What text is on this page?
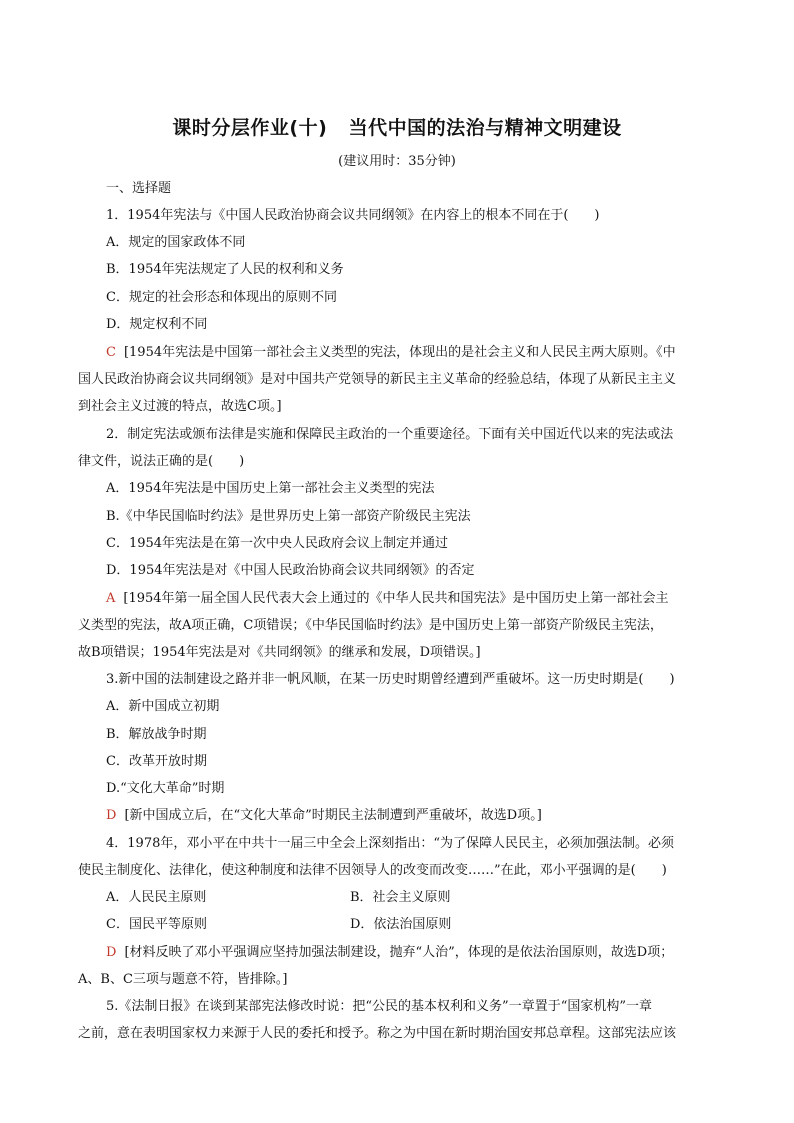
课时分层作业(十)   当代中国的法治与精神文明建设
(建议用时：35分钟)
一、选择题
1．1954年宪法与《中国人民政治协商会议共同纲领》在内容上的根本不同在于(　　)
A．规定的国家政体不同
B．1954年宪法规定了人民的权利和义务
C．规定的社会形态和体现出的原则不同
D．规定权利不同
C [1954年宪法是中国第一部社会主义类型的宪法，体现出的是社会主义和人民民主两大原则。《中
国人民政治协商会议共同纲领》是对中国共产党领导的新民主主义革命的经验总结，体现了从新民主主义
到社会主义过渡的特点，故选C项。]
2．制定宪法或颁布法律是实施和保障民主政治的一个重要途径。下面有关中国近代以来的宪法或法
律文件，说法正确的是(　　)
A．1954年宪法是中国历史上第一部社会主义类型的宪法
B.《中华民国临时约法》是世界历史上第一部资产阶级民主宪法
C．1954年宪法是在第一次中央人民政府会议上制定并通过
D．1954年宪法是对《中国人民政治协商会议共同纲领》的否定
A [1954年第一届全国人民代表大会上通过的《中华人民共和国宪法》是中国历史上第一部社会主
义类型的宪法，故A项正确，C项错误；《中华民国临时约法》是中国历史上第一部资产阶级民主宪法，
故B项错误；1954年宪法是对《共同纲领》的继承和发展，D项错误。]
3.新中国的法制建设之路并非一帆风顺，在某一历史时期曾经遭到严重破坏。这一历史时期是(　　)
A．新中国成立初期
B．解放战争时期
C．改革开放时期
D.“文化大革命”时期
D [新中国成立后，在“文化大革命”时期民主法制遭到严重破坏，故选D项。]
4．1978年，邓小平在中共十一届三中全会上深刻指出：“为了保障人民民主，必须加强法制。必须
使民主制度化、法律化，使这种制度和法律不因领导人的改变而改变……”在此，邓小平强调的是(　　)
A．人民民主原则	B．社会主义原则
C．国民平等原则	D．依法治国原则
D [材料反映了邓小平强调应坚持加强法制建设，抛弃“人治”，体现的是依法治国原则，故选D项；
A、B、C三项与题意不符，皆排除。]
5.《法制日报》在谈到某部宪法修改时说：把“公民的基本权利和义务”一章置于“国家机构”一章
之前，意在表明国家权力来源于人民的委托和授予。称之为中国在新时期治国安邦总章程。这部宪法应该
